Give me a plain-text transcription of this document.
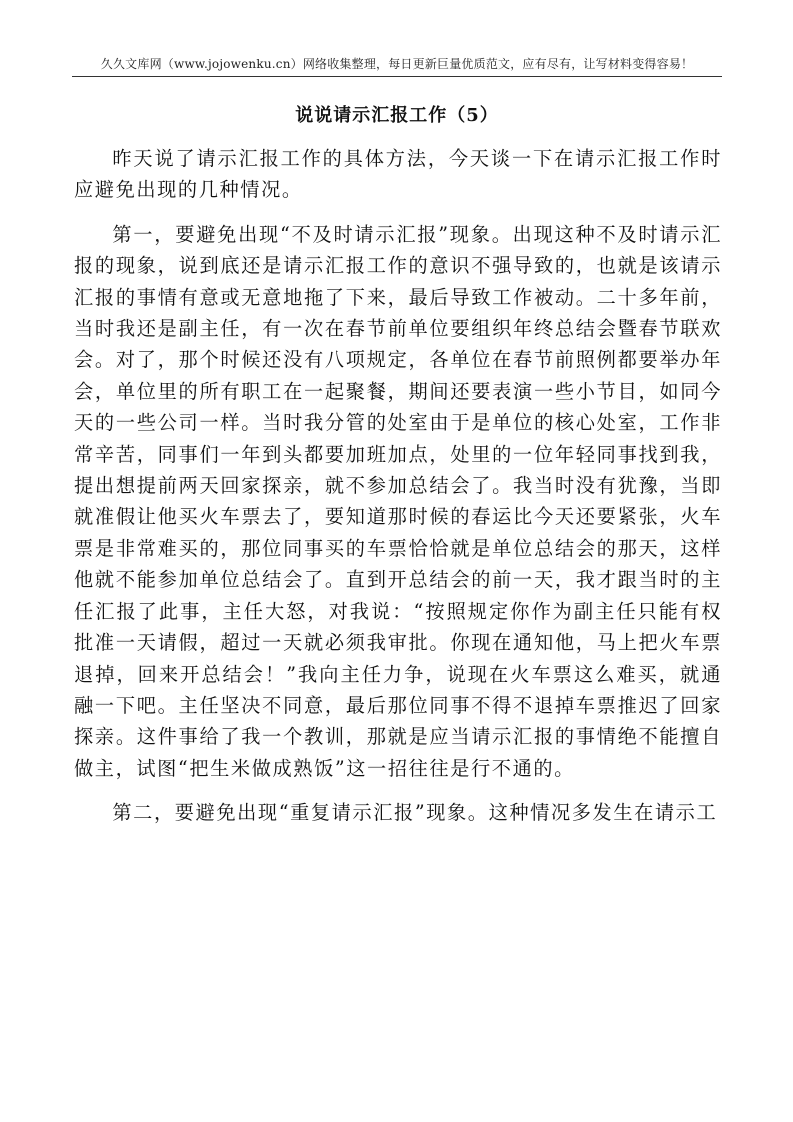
久久文库网（www.jojowenku.cn）网络收集整理，每日更新巨量优质范文，应有尽有，让写材料变得容易！
说说请示汇报工作（5）

昨天说了请示汇报工作的具体方法，今天谈一下在请示汇报工作时应避免出现的几种情况。

第一，要避免出现“不及时请示汇报”现象。出现这种不及时请示汇报的现象，说到底还是请示汇报工作的意识不强导致的，也就是该请示汇报的事情有意或无意地拖了下来，最后导致工作被动。二十多年前，当时我还是副主任，有一次在春节前单位要组织年终总结会暨春节联欢会。对了，那个时候还没有八项规定，各单位在春节前照例都要举办年会，单位里的所有职工在一起聚餐，期间还要表演一些小节目，如同今天的一些公司一样。当时我分管的处室由于是单位的核心处室，工作非常辛苦，同事们一年到头都要加班加点，处里的一位年轻同事找到我，提出想提前两天回家探亲，就不参加总结会了。我当时没有犹豫，当即就准假让他买火车票去了，要知道那时候的春运比今天还要紧张，火车票是非常难买的，那位同事买的车票恰恰就是单位总结会的那天，这样他就不能参加单位总结会了。直到开总结会的前一天，我才跟当时的主任汇报了此事，主任大怒，对我说：“按照规定你作为副主任只能有权批准一天请假，超过一天就必须我审批。你现在通知他，马上把火车票退掉，回来开总结会！”我向主任力争，说现在火车票这么难买，就通融一下吧。主任坚决不同意，最后那位同事不得不退掉车票推迟了回家探亲。这件事给了我一个教训，那就是应当请示汇报的事情绝不能擅自做主，试图“把生米做成熟饭”这一招往往是行不通的。

第二，要避免出现“重复请示汇报”现象。这种情况多发生在请示工
